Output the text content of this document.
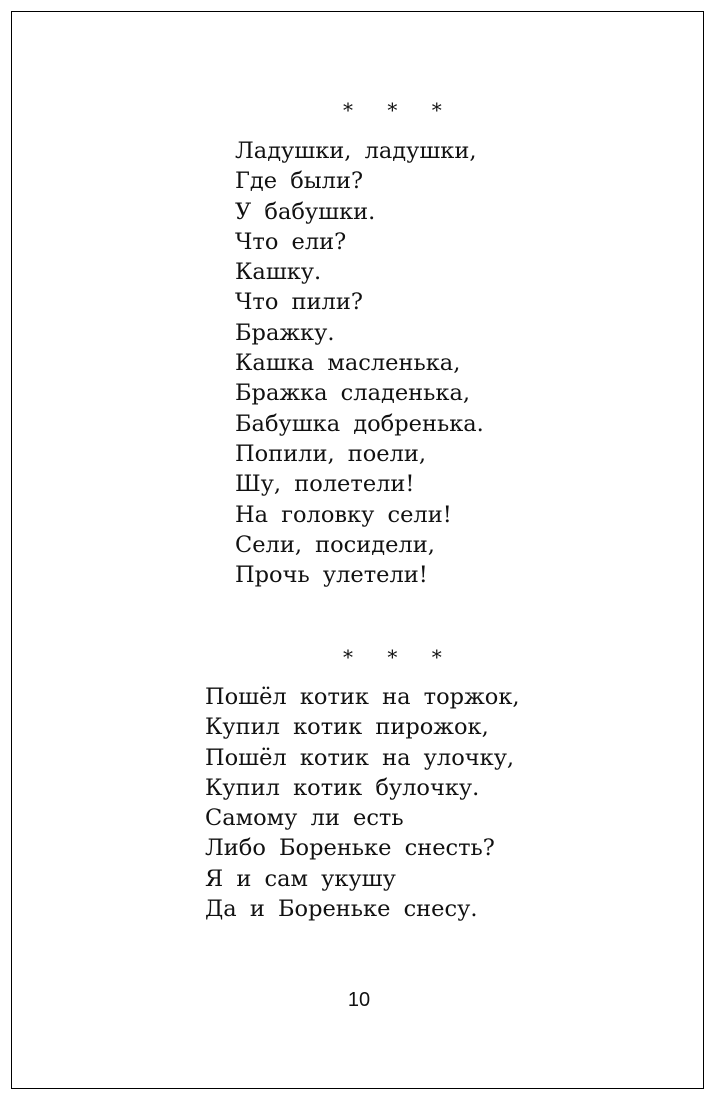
* * *
Ладушки, ладушки,
Где были?
У бабушки.
Что ели?
Кашку.
Что пили?
Бражку.
Кашка масленька,
Бражка сладенька,
Бабушка добренька.
Попили, поели,
Шу, полетели!
На головку сели!
Сели, посидели,
Прочь улетели!
* * *
Пошёл котик на торжок,
Купил котик пирожок,
Пошёл котик на улочку,
Купил котик булочку.
Самому ли есть
Либо Бореньке снесть?
Я и сам укушу
Да и Бореньке снесу.
10
